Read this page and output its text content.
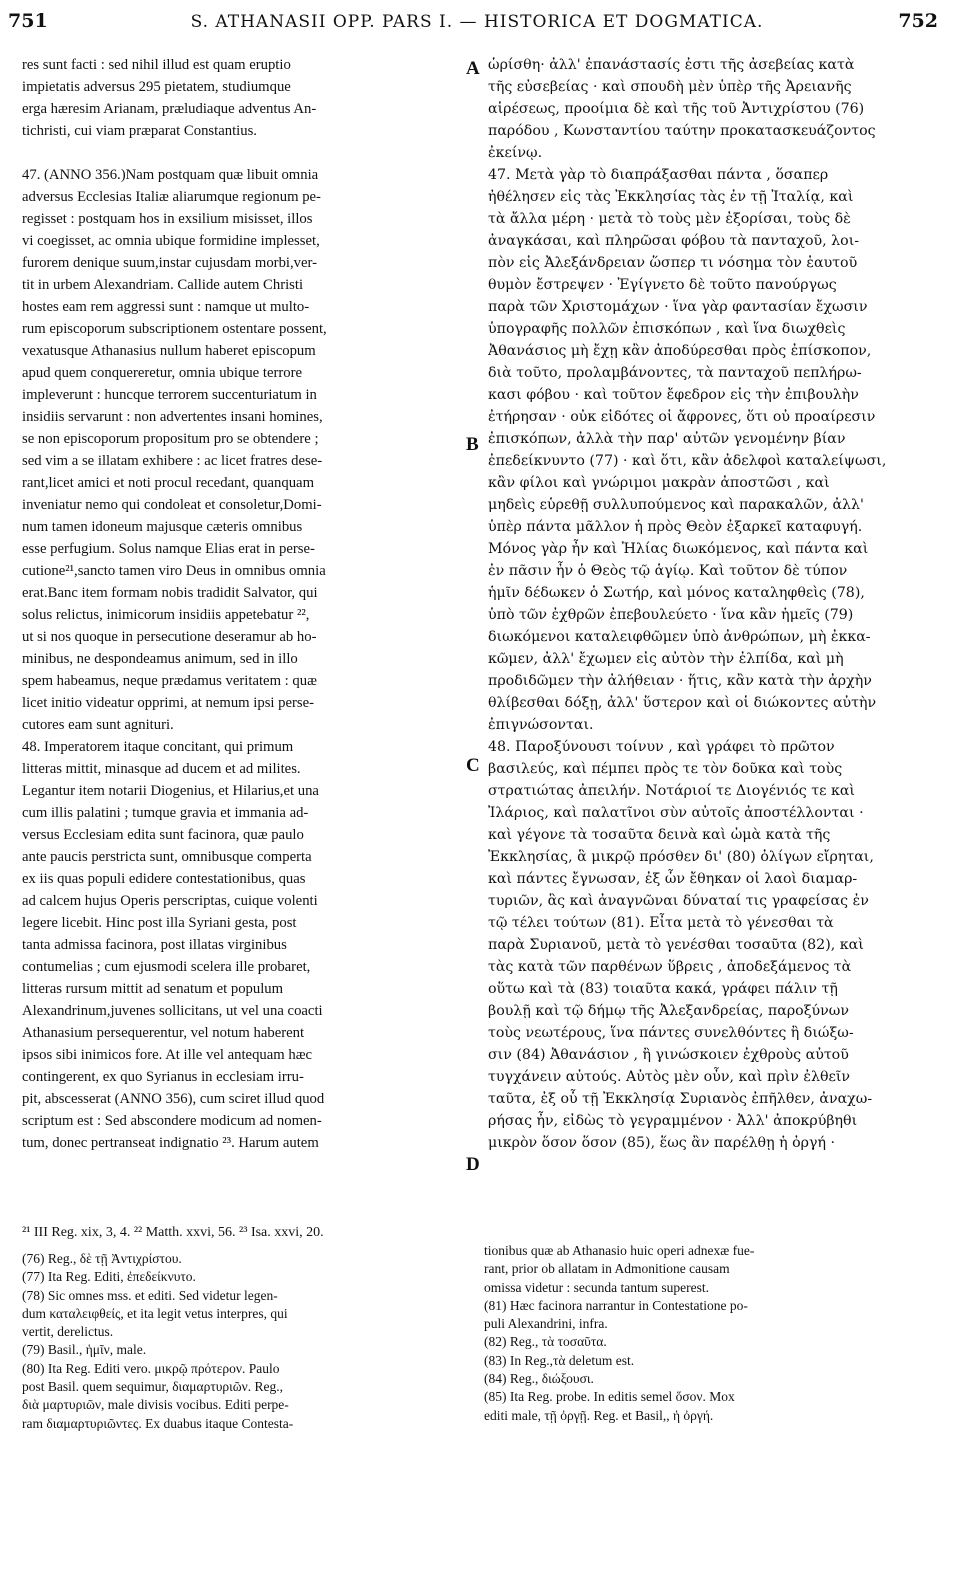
751	S. ATHANASII OPP. PARS I. — HISTORICA ET DOGMATICA.	752

res sunt facti : sed nihil illud est quam eruptio

impietatis adversus 295 pietatem, studiumque

erga hæresim Arianam, præludiaque adventus An-

tichristi, cui viam præparat Constantius.

47. (ANNO 356.)Nam postquam quæ libuit omnia

adversus Ecclesias Italiæ aliarumque regionum pe-

regisset : postquam hos in exsilium misisset, illos

vi coegisset, ac omnia ubique formidine implesset,

furorem denique suum,instar cujusdam morbi,ver-

tit in urbem Alexandriam. Callide autem Christi

hostes eam rem aggressi sunt : namque ut multo-

rum episcoporum subscriptionem ostentare possent,

vexatusque Athanasius nullum haberet episcopum

apud quem conquereretur, omnia ubique terrore

impleverunt : huncque terrorem succenturiatum in

insidiis servarunt : non advertentes insani homines,

se non episcoporum propositum pro se obtendere ;

sed vim a se illatam exhibere : ac licet fratres dese-

rant,licet amici et noti procul recedant, quanquam

inveniatur nemo qui condoleat et consoletur,Domi-

num tamen idoneum majusque cæteris omnibus

esse perfugium. Solus namque Elias erat in perse-

cutione²¹,sancto tamen viro Deus in omnibus omnia

erat.Banc item formam nobis tradidit Salvator, qui

solus relictus, inimicorum insidiis appetebatur ²²,

ut si nos quoque in persecutione deseramur ab ho-

minibus, ne despondeamus animum, sed in illo

spem habeamus, neque prædamus veritatem : quæ

licet initio videatur opprimi, at nemum ipsi perse-

cutores eam sunt agnituri.

48. Imperatorem itaque concitant, qui primum

litteras mittit, minasque ad ducem et ad milites.

Legantur item notarii Diogenius, et Hilarius,et una

cum illis palatini ; tumque gravia et immania ad-

versus Ecclesiam edita sunt facinora, quæ paulo

ante paucis perstricta sunt, omnibusque comperta

ex iis quas populi edidere contestationibus, quas

ad calcem hujus Operis perscriptas, cuique volenti

legere licebit. Hinc post illa Syriani gesta, post

tanta admissa facinora, post illatas virginibus

contumelias ; cum ejusmodi scelera ille probaret,

litteras rursum mittit ad senatum et populum

Alexandrinum,juvenes sollicitans, ut vel una coacti

Athanasium persequerentur, vel notum haberent

ipsos sibi inimicos fore. At ille vel antequam hæc

contingerent, ex quo Syrianus in ecclesiam irru-

pit, abscesserat (ANNO 356), cum sciret illud quod

scriptum est : Sed abscondere modicum ad nomen-

tum, donec pertranseat indignatio ²³. Harum autem

ὡρίσθη· ἀλλ' ἐπανάστασίς ἐστι τῆς ἀσεβείας κατὰ

τῆς εὐσεβείας · καὶ σπουδὴ μὲν ὑπὲρ τῆς Ἀρειανῆς

αἱρέσεως, προοίμια δὲ καὶ τῆς τοῦ Ἀντιχρίστου (76)

παρόδου , Κωνσταντίου ταύτην προκατασκευάζοντος

ἐκείνῳ.

47. Μετὰ γὰρ τὸ διαπράξασθαι πάντα , ὅσαπερ

ἠθέλησεν εἰς τὰς Ἐκκλησίας τὰς ἐν τῇ Ἰταλίᾳ, καὶ

τὰ ἄλλα μέρη · μετὰ τὸ τοὺς μὲν ἐξορίσαι, τοὺς δὲ

ἀναγκάσαι, καὶ πληρῶσαι φόβου τὰ πανταχοῦ, λοι-

πὸν εἰς Ἀλεξάνδρειαν ὥσπερ τι νόσημα τὸν ἑαυτοῦ

θυμὸν ἔστρεψεν · Ἐγίγνετο δὲ τοῦτο πανούργως

παρὰ τῶν Χριστομάχων · ἵνα γὰρ φαντασίαν ἔχωσιν

ὑπογραφῆς πολλῶν ἐπισκόπων , καὶ ἵνα διωχθεὶς

Ἀθανάσιος μὴ ἔχῃ κἂν ἀποδύρεσθαι πρὸς ἐπίσκοπον,

διὰ τοῦτο, προλαμβάνοντες, τὰ πανταχοῦ πεπλήρω-

κασι φόβου · καὶ τοῦτον ἔφεδρον εἰς τὴν ἐπιβουλὴν

ἐτήρησαν · οὐκ εἰδότες οἱ ἄφρονες, ὅτι οὐ προαίρεσιν

ἐπισκόπων, ἀλλὰ τὴν παρ' αὐτῶν γενομένην βίαν

ἐπεδείκνυντο (77) · καὶ ὅτι, κἂν ἀδελφοὶ καταλείψωσι,

κἂν φίλοι καὶ γνώριμοι μακρὰν ἀποστῶσι , καὶ

μηδεὶς εὑρεθῇ συλλυπούμενος καὶ παρακαλῶν, ἀλλ'

ὑπὲρ πάντα μᾶλλον ἡ πρὸς Θεὸν ἐξαρκεῖ καταφυγή.

Μόνος γὰρ ἦν καὶ Ἠλίας διωκόμενος, καὶ πάντα καὶ

ἐν πᾶσιν ἦν ὁ Θεὸς τῷ ἁγίῳ. Καὶ τοῦτον δὲ τύπον

ἡμῖν δέδωκεν ὁ Σωτήρ, καὶ μόνος καταληφθεὶς (78),

ὑπὸ τῶν ἐχθρῶν ἐπεβουλεύετο · ἵνα κἂν ἡμεῖς (79)

διωκόμενοι καταλειφθῶμεν ὑπὸ ἀνθρώπων, μὴ ἐκκα-

κῶμεν, ἀλλ' ἔχωμεν εἰς αὐτὸν τὴν ἐλπίδα, καὶ μὴ

προδιδῶμεν τὴν ἀλήθειαν · ἥτις, κἂν κατὰ τὴν ἀρχὴν

θλίβεσθαι δόξῃ, ἀλλ' ὕστερον καὶ οἱ διώκοντες αὐτὴν

ἐπιγνώσονται.

48. Παροξύνουσι τοίνυν , καὶ γράφει τὸ πρῶτον

βασιλεύς, καὶ πέμπει πρὸς τε τὸν δοῦκα καὶ τοὺς

στρατιώτας ἀπειλήν. Νοτάριοί τε Διογένιός τε καὶ

Ἰλάριος, καὶ παλατῖνοι σὺν αὐτοῖς ἀποστέλλονται ·

καὶ γέγονε τὰ τοσαῦτα δεινὰ καὶ ὠμὰ κατὰ τῆς

Ἐκκλησίας, ἃ μικρῷ πρόσθεν δι' (80) ὀλίγων εἴρηται,

καὶ πάντες ἔγνωσαν, ἐξ ὧν ἔθηκαν οἱ λαοὶ διαμαρ-

τυριῶν, ἃς καὶ ἀναγνῶναι δύναταί τις γραφείσας ἐν

τῷ τέλει τούτων (81). Εἶτα μετὰ τὸ γένεσθαι τὰ

παρὰ Συριανοῦ, μετὰ τὸ γενέσθαι τοσαῦτα (82), καὶ

τὰς κατὰ τῶν παρθένων ὕβρεις , ἀποδεξάμενος τὰ

οὕτω καὶ τὰ (83) τοιαῦτα κακά, γράφει πάλιν τῇ

βουλῇ καὶ τῷ δήμῳ τῆς Ἀλεξανδρείας, παροξύνων

τοὺς νεωτέρους, ἵνα πάντες συνελθόντες ἢ διώξω-

σιν (84) Ἀθανάσιον , ἢ γινώσκοιεν ἐχθροὺς αὐτοῦ

τυγχάνειν αὐτούς. Αὐτὸς μὲν οὖν, καὶ πρὶν ἐλθεῖν

ταῦτα, ἐξ οὗ τῇ Ἐκκλησίᾳ Συριανὸς ἐπῆλθεν, ἀναχω-

ρήσας ἦν, εἰδὼς τὸ γεγραμμένον · Ἀλλ' ἀποκρύβηθι

μικρὸν ὅσον ὅσον (85), ἕως ἂν παρέλθῃ ἡ ὀργή ·

A
B
C
D
²¹ III Reg. xix, 3, 4. ²² Matth. xxvi, 56. ²³ Isa. xxvi, 20.

(76) Reg., δὲ τῇ Ἀντιχρίστου.

(77) Ita Reg. Editi, ἐπεδείκνυτο.

(78) Sic omnes mss. et editi. Sed videtur legen-

dum καταλειφθείς, et ita legit vetus interpres, qui

vertit, derelictus.

(79) Basil., ἡμῖν, male.

(80) Ita Reg. Editi vero. μικρῷ πρότερον. Paulo

post Basil. quem sequimur, διαμαρτυριῶν. Reg.,

διὰ μαρτυριῶν, male divisis vocibus. Editi perpe-

ram διαμαρτυριῶντες. Ex duabus itaque Contesta-

tionibus quæ ab Athanasio huic operi adnexæ fue-

rant, prior ob allatam in Admonitione causam

omissa videtur : secunda tantum superest.

(81) Hæc facinora narrantur in Contestatione po-

puli Alexandrini, infra.

(82) Reg., τὰ τοσαῦτα.

(83) In Reg.,τὰ deletum est.

(84) Reg., διώξουσι.

(85) Ita Reg. probe. In editis semel ὅσον. Mox

editi male, τῇ ὀργῇ. Reg. et Basil,, ἡ ὀργή.
